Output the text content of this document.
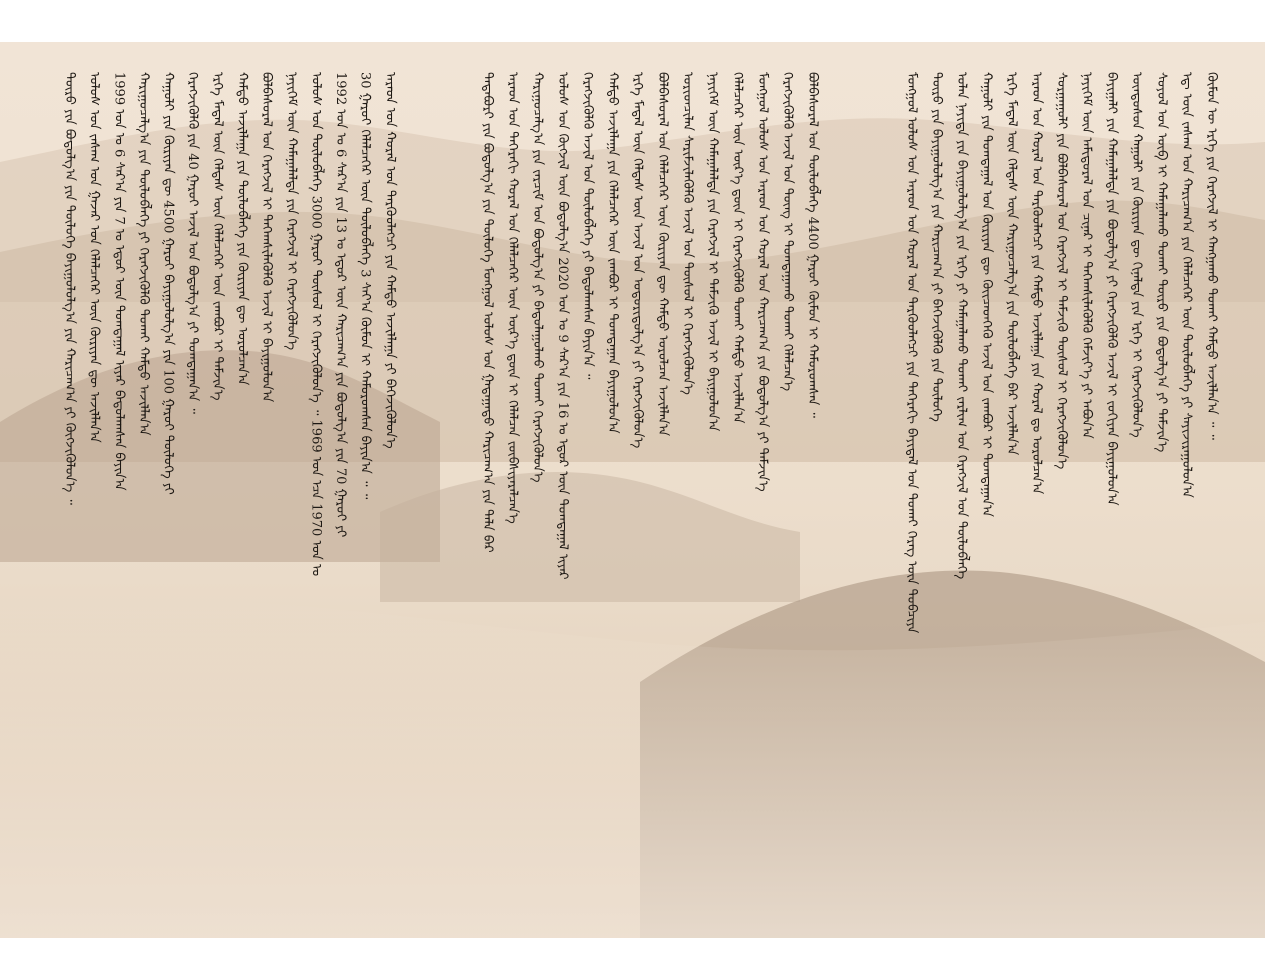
ᠮᠣᠩᠭᠣᠯ ᠤᠯᠤᠰ ᠤᠨ ᠠᠷᠠᠳ ᠤᠨ ᠬᠤᠷᠠᠯ ᠤᠨ ᠲᠡᠷᠭᠦᠦᠯᠡᠭᠴᠢ ᠶᠢᠨ ᠳᠡᠭᠡᠷᠡᠬᠢ ᠪᠠᠶᠢᠳᠠᠯ ᠤᠨ ᠲᠤᠬᠠᠶ ᠬᠡᠷᠡᠭ ᠦᠨ ᠲᠣᠪᠴᠢᠶᠠ ᠲᠦᠷᠦ ᠶᠢᠨ ᠪᠠᠶᠢᠭᠤᠯᠤᠯᠭ᠎ᠠ ᠶᠢᠨ ᠬᠠᠷᠢᠴᠠᠭ᠎ᠠ ᠶᠢ ᠪᠡᠬᠡᠵᠢᠭᠦᠯᠬᠦ ᠶᠢᠨ ᠲᠥᠯᠥᠭᠡ ᠣᠯᠠᠨ ᠨᠡᠶᠢᠲᠡ ᠶᠢᠨ ᠪᠠᠶᠢᠭᠤᠯᠤᠯᠭ᠎ᠠ ᠶᠢᠨ ᠡᠷᠬᠡ ᠶᠢ ᠬᠠᠮᠠᠭᠠᠯᠠᠬᠤ ᠲᠤᠬᠠᠶ ᠵᠠᠷᠯᠢᠭ ᠤᠨ ᠬᠡᠷᠡᠭᠵᠢᠯ ᠤᠨ ᠲᠥᠯᠥᠪᠯᠡᠭᠡ ᠬᠠᠭᠤᠯᠢ ᠶᠢᠨ ᠲᠣᠭᠲᠠᠭᠠᠯ ᠤᠨ ᠬᠦᠷᠢᠶᠡᠨ ᠳᠦ ᠭᠦᠢᠴᠡᠳᠭᠡᠬᠦ ᠠᠵᠢᠯ ᠤᠨ ᠵᠠᠭᠪᠤᠷ ᠢ ᠲᠣᠭᠲᠠᠭᠠᠨ᠎ᠠ ᠡᠷᠬᠡ ᠮᠡᠳᠡᠯ ᠦᠨ ᠬᠡᠯᠲᠡᠰ ᠦᠨ ᠬᠠᠷᠢᠭᠤᠴᠠᠯᠭ᠎ᠠ ᠶᠢᠨ ᠲᠥᠯᠥᠪᠯᠡᠭᠡ ᠪᠡᠷ ᠠᠵᠢᠯᠯᠠᠨ᠎ᠠ ᠠᠷᠠᠳ ᠤᠨ ᠬᠤᠷᠠᠯ ᠤᠨ ᠲᠡᠷᠭᠦᠦᠯᠡᠭᠴᠢ ᠶᠢᠨ ᠬᠠᠮᠲᠤ ᠠᠵᠢᠯᠯᠠᠭᠠ ᠶᠢᠨ ᠬᠤᠷᠠᠯ ᠳᠤ ᠣᠷᠣᠯᠴᠠᠨ᠎ᠠ ᠰᠤᠷᠭᠠᠭᠤᠯᠢ ᠶᠢᠨ ᠪᠣᠯᠪᠠᠰᠤᠷᠠᠯ ᠤᠨ ᠬᠡᠷᠡᠭᠵᠢᠯ ᠢ ᠳᠡᠮᠵᠢᠬᠦ ᠲᠥᠰᠥᠯ ᠢ ᠬᠡᠷᠡᠭᠵᠢᠭᠦᠯᠦᠨ᠎ᠡ ᠨᠡᠶᠢᠭᠡᠮ ᠦᠨ ᠠᠮᠢᠳᠤᠷᠠᠯ ᠤᠨ ᠴᠢᠨᠠᠷ ᠢ ᠳᠡᠭᠡᠭ᠍ᠰᠢᠯᠡᠭᠦᠯᠬᠦ ᠬᠡᠮᠵᠢᠶ᠎ᠡ ᠶᠢ ᠠᠪᠤᠨ᠎ᠠ ᠪᠠᠶᠢᠭᠠᠯᠢ ᠶᠢᠨ ᠬᠠᠮᠠᠭᠠᠯᠠᠯᠲᠠ ᠶᠢᠨ ᠪᠣᠳᠣᠯᠭ᠎ᠠ ᠶᠢ ᠬᠡᠷᠡᠭᠵᠢᠭᠦᠯᠬᠦ ᠠᠵᠢᠯ ᠢ ᠵᠣᠬᠢᠶᠠᠨ ᠪᠠᠶᠢᠭᠤᠯᠤᠨ᠎ᠠ ᠦᠨᠳᠦᠰᠦᠨ ᠬᠠᠭᠤᠯᠢ ᠶᠢᠨ ᠬᠦᠷᠢᠶᠡᠨ ᠳᠦ ᠬᠢᠨᠠᠯᠲᠠ ᠶᠢᠨ ᠡᠷᠬᠡ ᠢ ᠬᠡᠷᠡᠭᠵᠢᠭᠦᠯᠦᠨ᠎ᠡ ᠰᠣᠶᠣᠯ ᠤᠨ ᠥᠪ ᠢ ᠬᠠᠮᠠᠭᠠᠯᠠᠬᠤ ᠲᠤᠬᠠᠶ ᠲᠥᠷᠥ ᠶᠢᠨ ᠪᠣᠳᠣᠯᠭ᠎ᠠ ᠶᠢ ᠳᠡᠮᠵᠢᠨ᠎ᠡ ᠡᠳ᠋ ᠦᠨ ᠵᠠᠰᠠᠭ ᠤᠨ ᠬᠠᠷᠢᠴᠠᠭ᠎ᠠ ᠶᠢᠨ ᠬᠡᠯᠡᠯᠴᠡᠭᠡᠷ ᠦᠨ ᠲᠥᠯᠥᠪᠯᠡᠭᠡ ᠶᠢ ᠰᠠᠶᠢᠵᠢᠷᠠᠭᠤᠯᠤᠨ᠎ᠠ ᠬᠦᠮᠦᠨ ᠦ ᠡᠷᠬᠡ ᠶᠢᠨ ᠬᠡᠷᠡᠭᠵᠢᠯ ᠢ ᠬᠠᠩᠭᠠᠬᠤ ᠲᠤᠬᠠᠶ ᠬᠠᠮᠲᠤ ᠠᠵᠢᠯᠯᠠᠨ᠎ᠠ ᠃ ᠃
ᠲᠠᠲᠠᠪᠤᠷᠢ ᠶᠢᠨ ᠪᠣᠳᠣᠯᠭ᠎ᠠ ᠶᠢᠨ ᠲᠥᠯᠥᠭᠡ ᠮᠣᠩᠭᠣᠯ ᠤᠯᠤᠰ ᠤᠨ ᠭᠠᠳᠠᠭᠠᠳᠤ ᠬᠠᠷᠢᠴᠠᠭ᠎ᠠ ᠶᠢᠨ ᠲᠠᠯᠠ ᠪᠠᠷ ᠠᠷᠠᠳ ᠤᠨ ᠳᠡᠭᠡᠷᠡᠬᠢ ᠬᠤᠷᠠᠯ ᠤᠨ ᠬᠡᠯᠡᠯᠴᠡᠭᠡᠷ ᠦᠨ ᠦᠷ᠎ᠡ ᠳ᠋ᠦᠨ ᠢ ᠬᠡᠯᠡᠯᠴᠡᠨ ᠵᠥᠪᠰᠢᠶᠡᠷᠡᠯᠴᠡᠨ᠎ᠡ ᠬᠠᠷᠢᠭᠤᠴᠠᠯᠭ᠎ᠠ ᠶᠢᠨ ᠵᠠᠷᠴᠢᠮ ᠤᠨ ᠪᠣᠳᠣᠯᠭ᠎ᠠ ᠶᠢ ᠪᠠᠲᠤᠯᠠᠭᠤᠯᠬᠤ ᠲᠤᠬᠠᠶ ᠬᠡᠷᠡᠭᠵᠢᠭᠦᠯᠦᠨ᠎ᠡ ᠤᠯᠤᠰ ᠤᠨ ᠬᠥᠭᠵᠢᠯ ᠦᠨ ᠪᠣᠳᠣᠯᠭ᠎ᠠ 2020 ᠣᠨ ᠤ 9 ᠰᠠᠷ᠎ᠠ ᠶᠢᠨ 16 ᠤ ᠡᠳᠦᠷ ᠦᠨ ᠲᠣᠭᠲᠠᠭᠠᠯ ᠢᠶᠠᠷ ᠬᠡᠷᠡᠭᠵᠢᠭᠦᠯᠬᠦ ᠠᠵᠢᠯ ᠤᠨ ᠲᠥᠯᠥᠪᠯᠡᠭᠡ ᠶᠢ ᠪᠠᠲᠤᠯᠠᠭᠰᠠᠨ ᠪᠠᠶᠢᠨ᠎ᠠ ᠃ ᠬᠠᠮᠲᠤ ᠠᠵᠢᠯᠯᠠᠭᠠ ᠶᠢᠨ ᠬᠡᠯᠡᠯᠴᠡᠭᠡᠷ ᠦᠨ ᠵᠠᠭᠪᠤᠷ ᠢ ᠲᠣᠭᠲᠠᠭᠠᠨ ᠪᠠᠶᠢᠭᠤᠯᠤᠨ᠎ᠠ ᠡᠷᠬᠡ ᠮᠡᠳᠡᠯ ᠦᠨ ᠬᠡᠯᠲᠡᠰ ᠦᠨ ᠠᠵᠢᠯ ᠤᠨ ᠤᠳᠤᠷᠢᠳᠤᠯᠭ᠎ᠠ ᠶᠢ ᠬᠡᠷᠡᠭᠵᠢᠭᠦᠯᠦᠨ᠎ᠡ ᠪᠣᠯᠪᠠᠰᠤᠷᠠᠯ ᠤᠨ ᠬᠡᠯᠡᠯᠴᠡᠭᠡᠷ ᠦᠨ ᠬᠦᠷᠢᠶᠡᠨ ᠳᠦ ᠬᠠᠮᠲᠤ ᠣᠷᠣᠯᠴᠠᠨ ᠠᠵᠢᠯᠯᠠᠨ᠎ᠠ ᠤᠷᠢᠳᠴᠢᠯᠠᠨ ᠰᠡᠷᠢᠮᠵᠢᠯᠡᠭᠦᠯᠬᠦ ᠠᠵᠢᠯ ᠤᠨ ᠲᠥᠰᠥᠯ ᠢ ᠬᠡᠷᠡᠭᠵᠢᠭᠦᠯᠦᠨ᠎ᠡ ᠨᠡᠶᠢᠭᠡᠮ ᠦᠨ ᠬᠠᠮᠠᠭᠠᠯᠠᠯᠲᠠ ᠶᠢᠨ ᠬᠡᠷᠡᠭᠵᠢᠯ ᠢ ᠳᠡᠮᠵᠢᠬᠦ ᠠᠵᠢᠯ ᠢ ᠪᠠᠶᠢᠭᠤᠯᠤᠨ᠎ᠠ ᠬᠡᠯᠡᠯᠴᠡᠭᠡᠷ ᠦᠨ ᠦᠷ᠎ᠡ ᠳ᠋ᠦᠨ ᠢ ᠬᠡᠷᠡᠭᠵᠢᠭᠦᠯᠬᠦ ᠲᠤᠬᠠᠶ ᠬᠠᠮᠲᠤ ᠠᠵᠢᠯᠯᠠᠨ᠎ᠠ ᠮᠣᠩᠭᠣᠯ ᠤᠯᠤᠰ ᠤᠨ ᠠᠷᠠᠳ ᠤᠨ ᠬᠤᠷᠠᠯ ᠤᠨ ᠬᠠᠷᠢᠴᠠᠭ᠎ᠠ ᠶᠢᠨ ᠪᠣᠳᠣᠯᠭ᠎ᠠ ᠶᠢ ᠳᠡᠮᠵᠢᠨ᠎ᠡ ᠬᠡᠷᠡᠭᠵᠢᠭᠦᠯᠬᠦ ᠠᠵᠢᠯ ᠤᠨ ᠳᠦᠩ ᠢ ᠲᠣᠭᠲᠠᠭᠠᠬᠤ ᠲᠤᠬᠠᠶ ᠬᠡᠯᠡᠯᠴᠡᠨ᠎ᠡ ᠪᠣᠯᠪᠠᠰᠤᠷᠠᠯ ᠤᠨ ᠲᠥᠯᠥᠪᠯᠡᠭᠡ 4400 ᠭᠠᠷᠤᠢ ᠬᠦᠮᠦᠨ ᠢ ᠬᠠᠮᠤᠷᠤᠭᠰᠠᠨ ᠃
ᠲᠥᠷᠥ ᠶᠢᠨ ᠪᠣᠳᠣᠯᠭ᠎ᠠ ᠶᠢᠨ ᠲᠥᠯᠥᠭᠡ ᠪᠠᠶᠢᠭᠤᠯᠤᠯᠭ᠎ᠠ ᠶᠢᠨ ᠬᠠᠷᠢᠴᠠᠭ᠎ᠠ ᠶᠢ ᠬᠥᠭᠵᠢᠭᠦᠯᠦᠨ᠎ᠡ ᠃ ᠤᠯᠤᠰ ᠤᠨ ᠵᠠᠰᠠᠭ ᠤᠨ ᠭᠠᠵᠠᠷ ᠤᠨ ᠬᠡᠯᠡᠯᠴᠡᠭᠡᠷ ᠦᠨ ᠬᠦᠷᠢᠶᠡᠨ ᠳᠦ ᠠᠵᠢᠯᠯᠠᠨ᠎ᠠ 1999 ᠣᠨ ᠤ 6 ᠰᠠᠷ᠎ᠠ ᠶᠢᠨ 7 ᠤ ᠡᠳᠦᠷ ᠦᠨ ᠲᠣᠭᠲᠠᠭᠠᠯ ᠢᠶᠠᠷ ᠪᠠᠲᠤᠯᠠᠭᠰᠠᠨ ᠪᠠᠶᠢᠨ᠎ᠠ ᠬᠠᠷᠢᠭᠤᠴᠠᠯᠭ᠎ᠠ ᠶᠢᠨ ᠲᠥᠯᠥᠪᠯᠡᠭᠡ ᠶᠢ ᠬᠡᠷᠡᠭᠵᠢᠭᠦᠯᠬᠦ ᠲᠤᠬᠠᠶ ᠬᠠᠮᠲᠤ ᠠᠵᠢᠯᠯᠠᠨ᠎ᠠ ᠬᠠᠭᠤᠯᠢ ᠶᠢᠨ ᠬᠦᠷᠢᠶᠡᠨ ᠳᠦ 4500 ᠭᠠᠷᠤᠢ ᠪᠠᠶᠢᠭᠤᠯᠤᠯᠭ᠎ᠠ ᠶᠢᠨ 100 ᠭᠠᠷᠤᠢ ᠲᠥᠯᠥᠭᠡ ᠶᠢ ᠬᠡᠷᠡᠭᠵᠢᠭᠦᠯᠬᠦ ᠶᠢᠨ 40 ᠭᠠᠷᠤᠢ ᠠᠵᠢᠯ ᠤᠨ ᠪᠣᠳᠣᠯᠭ᠎ᠠ ᠶᠢ ᠲᠣᠭᠲᠠᠭᠠᠨ᠎ᠠ ᠃ ᠡᠷᠬᠡ ᠮᠡᠳᠡᠯ ᠦᠨ ᠬᠡᠯᠲᠡᠰ ᠦᠨ ᠬᠡᠯᠡᠯᠴᠡᠭᠡᠷ ᠦᠨ ᠵᠠᠭᠪᠤᠷ ᠢ ᠳᠡᠮᠵᠢᠨ᠎ᠡ ᠬᠠᠮᠲᠤ ᠠᠵᠢᠯᠯᠠᠭᠠ ᠶᠢᠨ ᠲᠥᠯᠥᠪᠯᠡᠭᠡ ᠶᠢᠨ ᠬᠦᠷᠢᠶᠡᠨ ᠳᠦ ᠣᠷᠣᠯᠴᠠᠨ᠎ᠠ ᠪᠣᠯᠪᠠᠰᠤᠷᠠᠯ ᠤᠨ ᠬᠡᠷᠡᠭᠵᠢᠯ ᠢ ᠳᠡᠭᠡᠭ᠍ᠰᠢᠯᠡᠭᠦᠯᠬᠦ ᠠᠵᠢᠯ ᠢ ᠪᠠᠶᠢᠭᠤᠯᠤᠨ᠎ᠠ ᠨᠡᠶᠢᠭᠡᠮ ᠦᠨ ᠬᠠᠮᠠᠭᠠᠯᠠᠯᠲᠠ ᠶᠢᠨ ᠬᠡᠷᠡᠭᠵᠢᠯ ᠢ ᠬᠡᠷᠡᠭᠵᠢᠭᠦᠯᠦᠨ᠎ᠡ ᠤᠯᠤᠰ ᠤᠨ ᠲᠥᠯᠥᠪᠯᠡᠭᠡ 3000 ᠭᠠᠷᠤᠢ ᠲᠥᠰᠥᠯ ᠢ ᠬᠡᠷᠡᠭᠵᠢᠭᠦᠯᠦᠨ᠎ᠡ ᠃ 1969 ᠣᠨ ᠡᠴᠡ 1970 ᠣᠨ ᠤ 1992 ᠣᠨ ᠤ 6 ᠰᠠᠷ᠎ᠠ ᠶᠢᠨ 13 ᠤ ᠡᠳᠦᠷ ᠦᠨ ᠬᠠᠷᠢᠴᠠᠭ᠎ᠠ ᠶᠢᠨ ᠪᠣᠳᠣᠯᠭ᠎ᠠ ᠶᠢᠨ 70 ᠭᠠᠷᠤᠢ ᠶᠢ 30 ᠭᠠᠷᠤᠢ ᠬᠡᠯᠡᠯᠴᠡᠭᠡᠷ ᠦᠨ ᠲᠥᠯᠥᠪᠯᠡᠭᠡ 3 ᠰᠠᠶ᠎ᠠ ᠬᠦᠮᠦᠨ ᠢ ᠬᠠᠮᠤᠷᠤᠭᠰᠠᠨ ᠪᠠᠶᠢᠨ᠎ᠠ ᠃ ᠃ ᠠᠷᠠᠳ ᠤᠨ ᠬᠤᠷᠠᠯ ᠤᠨ ᠲᠡᠷᠭᠦᠦᠯᠡᠭᠴᠢ ᠶᠢᠨ ᠬᠠᠮᠲᠤ ᠠᠵᠢᠯᠯᠠᠭᠠ ᠶᠢ ᠪᠡᠬᠡᠵᠢᠭᠦᠯᠦᠨ᠎ᠡ
